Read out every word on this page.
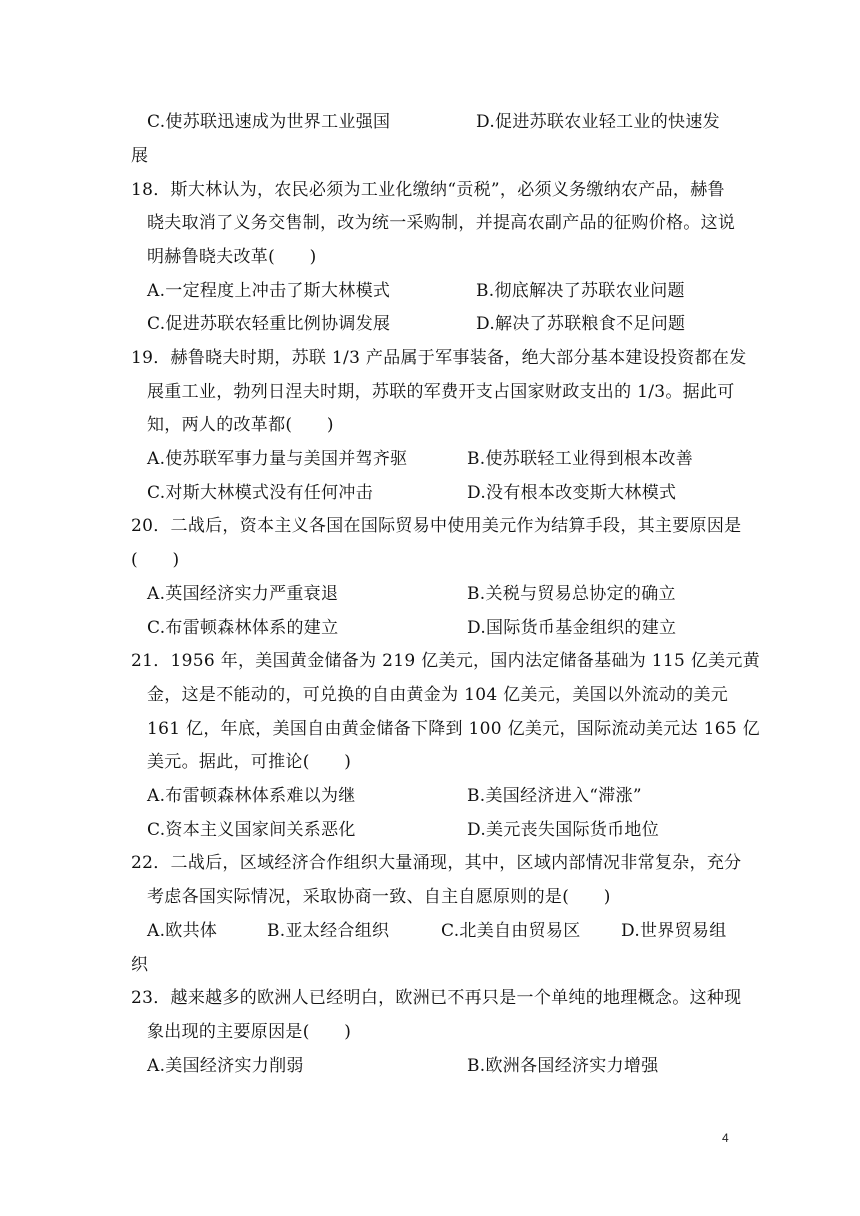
C.使苏联迅速成为世界工业强国	D.促进苏联农业轻工业的快速发
展
18．斯大林认为，农民必须为工业化缴纳“贡税”，必须义务缴纳农产品，赫鲁
晓夫取消了义务交售制，改为统一采购制，并提高农副产品的征购价格。这说
明赫鲁晓夫改革(　　)
A.一定程度上冲击了斯大林模式	B.彻底解决了苏联农业问题
C.促进苏联农轻重比例协调发展	D.解决了苏联粮食不足问题
19．赫鲁晓夫时期，苏联 1/3 产品属于军事装备，绝大部分基本建设投资都在发
展重工业，勃列日涅夫时期，苏联的军费开支占国家财政支出的 1/3。据此可
知，两人的改革都(　　)
A.使苏联军事力量与美国并驾齐驱	B.使苏联轻工业得到根本改善
C.对斯大林模式没有任何冲击	D.没有根本改变斯大林模式
20．二战后，资本主义各国在国际贸易中使用美元作为结算手段，其主要原因是
(　　)
A.英国经济实力严重衰退	B.关税与贸易总协定的确立
C.布雷顿森林体系的建立	D.国际货币基金组织的建立
21．1956 年，美国黄金储备为 219 亿美元，国内法定储备基础为 115 亿美元黄
金，这是不能动的，可兑换的自由黄金为 104 亿美元，美国以外流动的美元
161 亿，年底，美国自由黄金储备下降到 100 亿美元，国际流动美元达 165 亿
美元。据此，可推论(　　)
A.布雷顿森林体系难以为继	B.美国经济进入“滞涨”
C.资本主义国家间关系恶化	D.美元丧失国际货币地位
22．二战后，区域经济合作组织大量涌现，其中，区域内部情况非常复杂，充分
考虑各国实际情况，采取协商一致、自主自愿原则的是(　　)
A.欧共体	B.亚太经合组织	C.北美自由贸易区 D.世界贸易组
织
23．越来越多的欧洲人已经明白，欧洲已不再只是一个单纯的地理概念。这种现
象出现的主要原因是(　　)
A.美国经济实力削弱	B.欧洲各国经济实力增强
4
